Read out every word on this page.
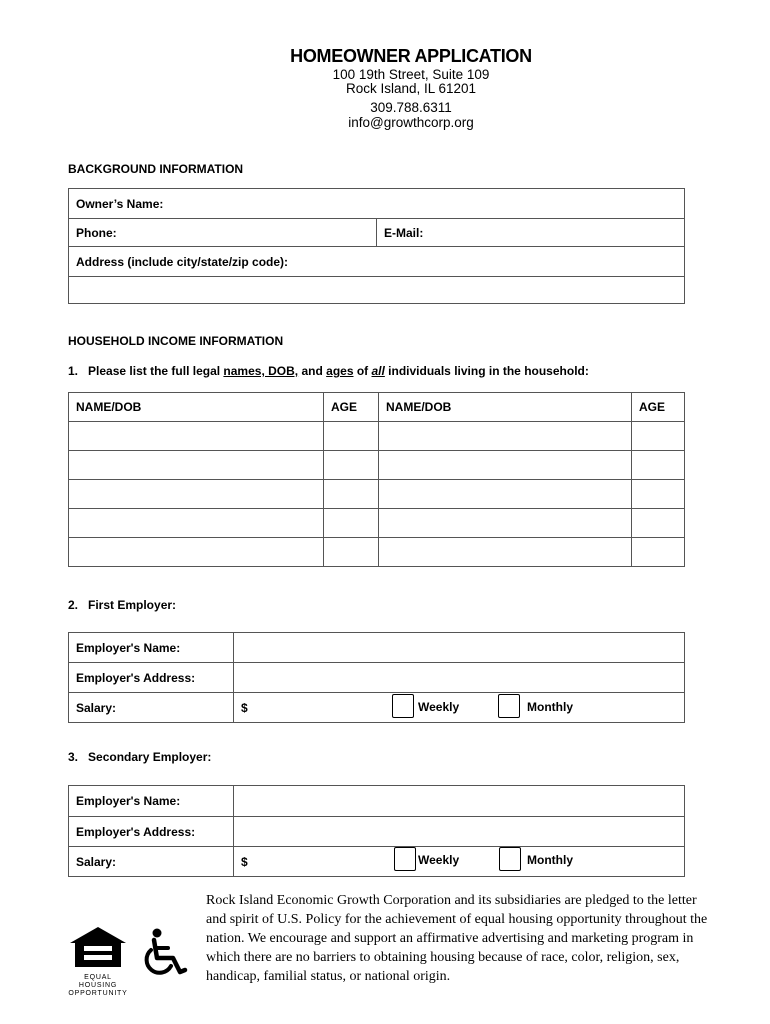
HOMEOWNER APPLICATION
100 19th Street, Suite 109
Rock Island, IL 61201
309.788.6311
info@growthcorp.org
BACKGROUND INFORMATION
Owner’s Name:
Phone:	E-Mail:
Address (include city/state/zip code):

HOUSEHOLD INCOME INFORMATION
1. Please list the full legal names, DOB, and ages of all individuals living in the household:
NAME/DOB	AGE	NAME/DOB	AGE

2.   First Employer:
Employer's Name:	
Employer's Address:	
Salary:	$	Weekly	Monthly
3.   Secondary Employer:
Employer's Name:	
Employer's Address:	
Salary:	$	Weekly	Monthly
EQUAL HOUSING
OPPORTUNITY
Rock Island Economic Growth Corporation and its subsidiaries are pledged to the letter and spirit of U.S. Policy for the achievement of equal housing opportunity throughout the nation. We encourage and support an affirmative advertising and marketing program in which there are no barriers to obtaining housing because of race, color, religion, sex, handicap, familial status, or national origin.
